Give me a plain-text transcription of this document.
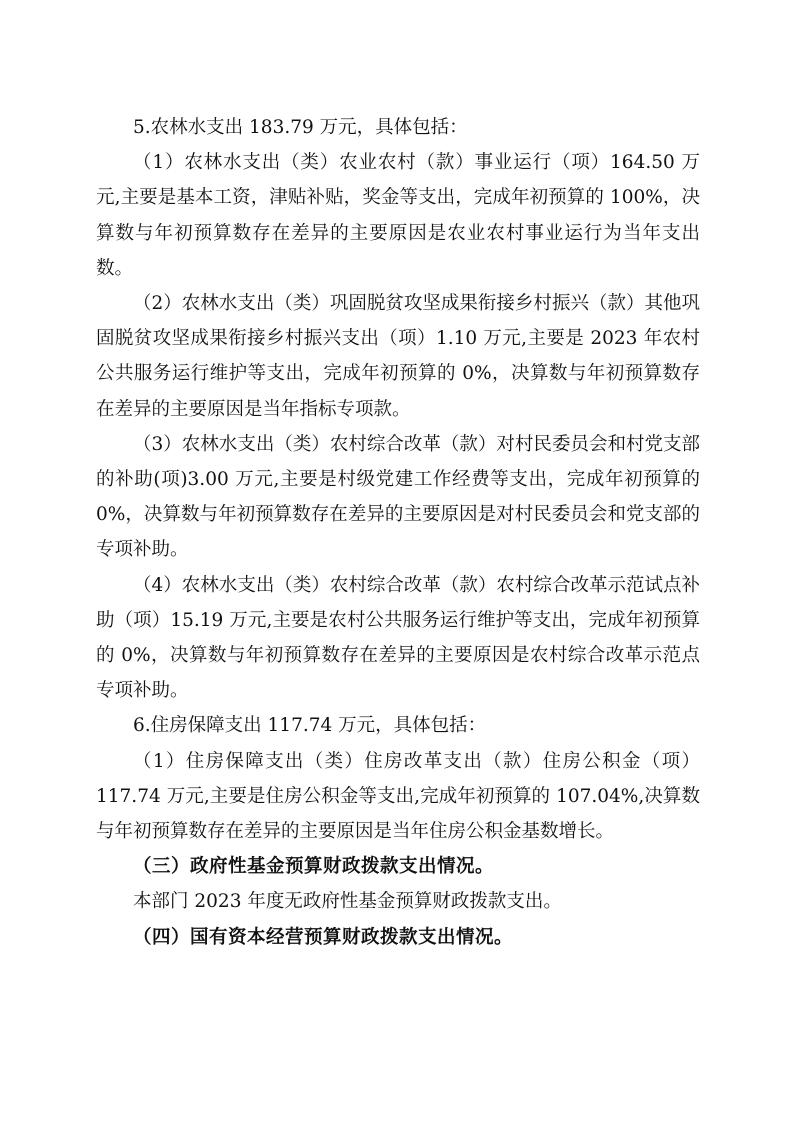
5.农林水支出 183.79 万元，具体包括：

（1）农林水支出（类）农业农村（款）事业运行（项）164.50 万元,主要是基本工资，津贴补贴，奖金等支出，完成年初预算的 100%，决算数与年初预算数存在差异的主要原因是农业农村事业运行为当年支出数。

（2）农林水支出（类）巩固脱贫攻坚成果衔接乡村振兴（款）其他巩固脱贫攻坚成果衔接乡村振兴支出（项）1.10 万元,主要是 2023 年农村公共服务运行维护等支出，完成年初预算的 0%，决算数与年初预算数存在差异的主要原因是当年指标专项款。

（3）农林水支出（类）农村综合改革（款）对村民委员会和村党支部的补助(项)3.00 万元,主要是村级党建工作经费等支出，完成年初预算的 0%，决算数与年初预算数存在差异的主要原因是对村民委员会和党支部的专项补助。

（4）农林水支出（类）农村综合改革（款）农村综合改革示范试点补助（项）15.19 万元,主要是农村公共服务运行维护等支出，完成年初预算的 0%，决算数与年初预算数存在差异的主要原因是农村综合改革示范点专项补助。

6.住房保障支出 117.74 万元，具体包括：

（1）住房保障支出（类）住房改革支出（款）住房公积金（项）117.74 万元,主要是住房公积金等支出,完成年初预算的 107.04%,决算数与年初预算数存在差异的主要原因是当年住房公积金基数增长。

（三）政府性基金预算财政拨款支出情况。

本部门 2023 年度无政府性基金预算财政拨款支出。

（四）国有资本经营预算财政拨款支出情况。
